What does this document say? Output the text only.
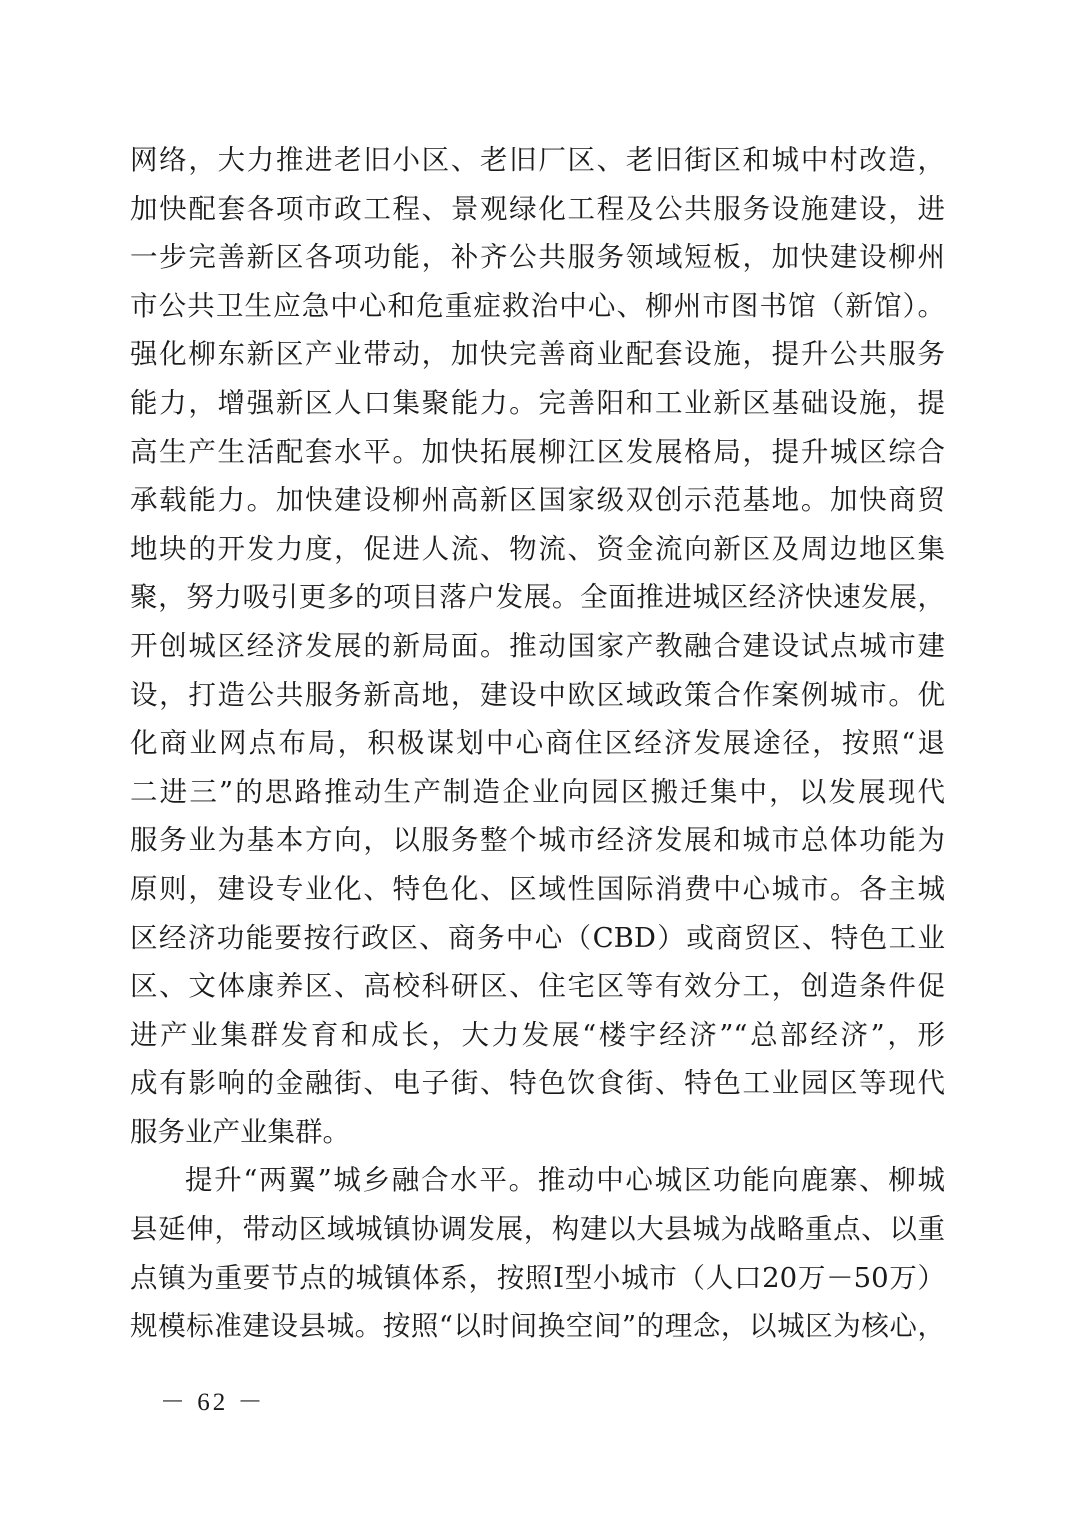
网络，大力推进老旧小区、老旧厂区、老旧街区和城中村改造，
加快配套各项市政工程、景观绿化工程及公共服务设施建设，进
一步完善新区各项功能，补齐公共服务领域短板，加快建设柳州
市公共卫生应急中心和危重症救治中心、柳州市图书馆（新馆）。
强化柳东新区产业带动，加快完善商业配套设施，提升公共服务
能力，增强新区人口集聚能力。完善阳和工业新区基础设施，提
高生产生活配套水平。加快拓展柳江区发展格局，提升城区综合
承载能力。加快建设柳州高新区国家级双创示范基地。加快商贸
地块的开发力度，促进人流、物流、资金流向新区及周边地区集
聚，努力吸引更多的项目落户发展。全面推进城区经济快速发展，
开创城区经济发展的新局面。推动国家产教融合建设试点城市建
设，打造公共服务新高地，建设中欧区域政策合作案例城市。优
化商业网点布局，积极谋划中心商住区经济发展途径，按照“退
二进三”的思路推动生产制造企业向园区搬迁集中，以发展现代
服务业为基本方向，以服务整个城市经济发展和城市总体功能为
原则，建设专业化、特色化、区域性国际消费中心城市。各主城
区经济功能要按行政区、商务中心（CBD）或商贸区、特色工业
区、文体康养区、高校科研区、住宅区等有效分工，创造条件促
进产业集群发育和成长，大力发展“楼宇经济”“总部经济”，形
成有影响的金融街、电子街、特色饮食街、特色工业园区等现代
服务业产业集群。
提升“两翼”城乡融合水平。推动中心城区功能向鹿寨、柳城
县延伸，带动区域城镇协调发展，构建以大县城为战略重点、以重
点镇为重要节点的城镇体系，按照Ⅰ型小城市（人口20万－50万）
规模标准建设县城。按照“以时间换空间”的理念，以城区为核心，
－ 62 －
